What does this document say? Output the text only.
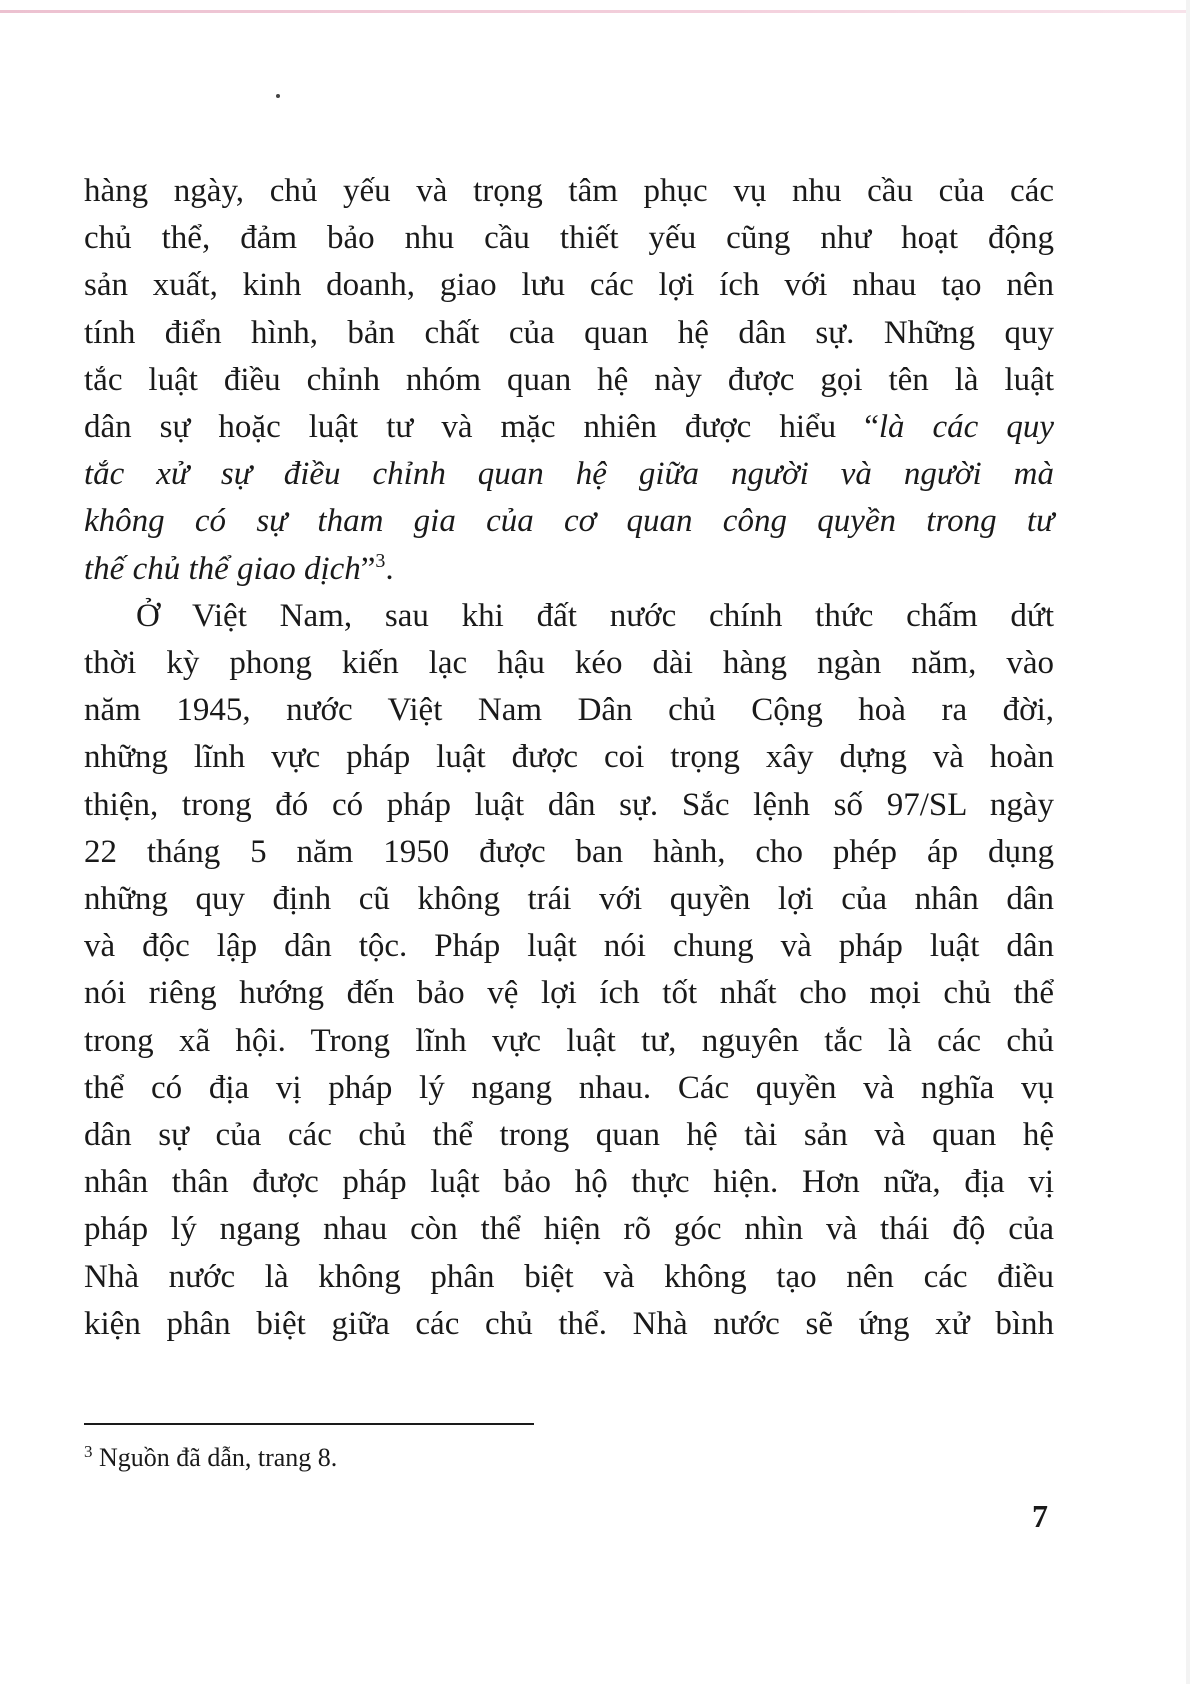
hàng ngày, chủ yếu và trọng tâm phục vụ nhu cầu của các
chủ thể, đảm bảo nhu cầu thiết yếu cũng như hoạt động
sản xuất, kinh doanh, giao lưu các lợi ích với nhau tạo nên
tính điển hình, bản chất của quan hệ dân sự. Những quy
tắc luật điều chỉnh nhóm quan hệ này được gọi tên là luật
dân sự hoặc luật tư và mặc nhiên được hiểu “là các quy
tắc xử sự điều chỉnh quan hệ giữa người và người mà
không có sự tham gia của cơ quan công quyền trong tư
thế chủ thể giao dịch”$^3$.
Ở Việt Nam, sau khi đất nước chính thức chấm dứt
thời kỳ phong kiến lạc hậu kéo dài hàng ngàn năm, vào
năm 1945, nước Việt Nam Dân chủ Cộng hoà ra đời,
những lĩnh vực pháp luật được coi trọng xây dựng và hoàn
thiện, trong đó có pháp luật dân sự. Sắc lệnh số 97/SL ngày
22 tháng 5 năm 1950 được ban hành, cho phép áp dụng
những quy định cũ không trái với quyền lợi của nhân dân
và độc lập dân tộc. Pháp luật nói chung và pháp luật dân
nói riêng hướng đến bảo vệ lợi ích tốt nhất cho mọi chủ thể
trong xã hội. Trong lĩnh vực luật tư, nguyên tắc là các chủ
thể có địa vị pháp lý ngang nhau. Các quyền và nghĩa vụ
dân sự của các chủ thể trong quan hệ tài sản và quan hệ
nhân thân được pháp luật bảo hộ thực hiện. Hơn nữa, địa vị
pháp lý ngang nhau còn thể hiện rõ góc nhìn và thái độ của
Nhà nước là không phân biệt và không tạo nên các điều
kiện phân biệt giữa các chủ thể. Nhà nước sẽ ứng xử bình
$^3$ Nguồn đã dẫn, trang 8.
7
